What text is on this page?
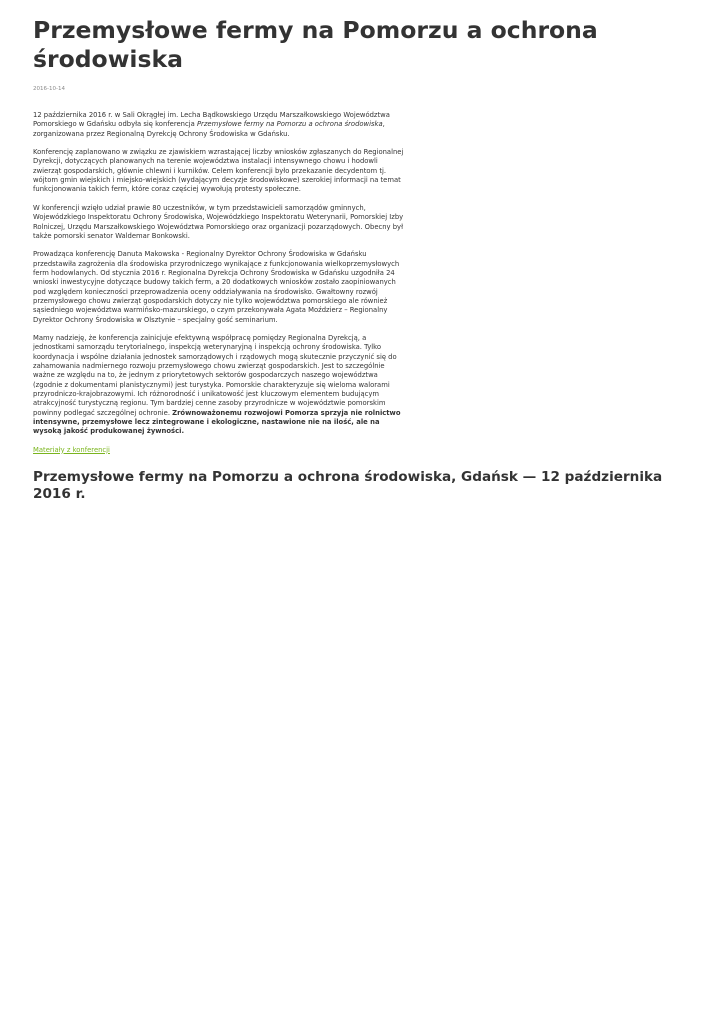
Przemysłowe fermy na Pomorzu a ochrona środowiska
2016-10-14

12 października 2016 r. w Sali Okrągłej im. Lecha Bądkowskiego Urzędu Marszałkowskiego Województwa Pomorskiego w Gdańsku odbyła się konferencja Przemysłowe fermy na Pomorzu a ochrona środowiska, zorganizowana przez Regionalną Dyrekcję Ochrony Środowiska w Gdańsku.

Konferencję zaplanowano w związku ze zjawiskiem wzrastającej liczby wniosków zgłaszanych do Regionalnej Dyrekcji, dotyczących planowanych na terenie województwa instalacji intensywnego chowu i hodowli zwierząt gospodarskich, głównie chlewni i kurników. Celem konferencji było przekazanie decydentom tj. wójtom gmin wiejskich i miejsko-wiejskich (wydającym decyzje środowiskowe) szerokiej informacji na temat funkcjonowania takich ferm, które coraz częściej wywołują protesty społeczne.

W konferencji wzięło udział prawie 80 uczestników, w tym przedstawicieli samorządów gminnych, Wojewódzkiego Inspektoratu Ochrony Środowiska, Wojewódzkiego Inspektoratu Weterynarii, Pomorskiej Izby Rolniczej, Urzędu Marszałkowskiego Województwa Pomorskiego oraz organizacji pozarządowych. Obecny był także pomorski senator Waldemar Bonkowski.

Prowadząca konferencję Danuta Makowska - Regionalny Dyrektor Ochrony Środowiska w Gdańsku przedstawiła zagrożenia dla środowiska przyrodniczego wynikające z funkcjonowania wielkoprzemysłowych ferm hodowlanych. Od stycznia 2016 r. Regionalna Dyrekcja Ochrony Środowiska w Gdańsku uzgodniła 24 wnioski inwestycyjne dotyczące budowy takich ferm, a 20 dodatkowych wniosków zostało zaopiniowanych pod względem konieczności przeprowadzenia oceny oddziaływania na środowisko. Gwałtowny rozwój przemysłowego chowu zwierząt gospodarskich dotyczy nie tylko województwa pomorskiego ale również sąsiedniego województwa warmińsko-mazurskiego, o czym przekonywała Agata Moździerz – Regionalny Dyrektor Ochrony Środowiska w Olsztynie – specjalny gość seminarium.

Mamy nadzieję, że konferencja zainicjuje efektywną współpracę pomiędzy Regionalna Dyrekcją, a jednostkami samorządu terytorialnego, inspekcją weterynaryjną i inspekcją ochrony środowiska. Tylko koordynacja i wspólne działania jednostek samorządowych i rządowych mogą skutecznie przyczynić się do zahamowania nadmiernego rozwoju przemysłowego chowu zwierząt gospodarskich. Jest to szczególnie ważne ze względu na to, że jednym z priorytetowych sektorów gospodarczych naszego województwa (zgodnie z dokumentami planistycznymi) jest turystyka. Pomorskie charakteryzuje się wieloma walorami przyrodniczo-krajobrazowymi. Ich różnorodność i unikatowość jest kluczowym elementem budującym atrakcyjność turystyczną regionu. Tym bardziej cenne zasoby przyrodnicze w województwie pomorskim powinny podlegać szczególnej ochronie. Zrównoważonemu rozwojowi Pomorza sprzyja nie rolnictwo intensywne, przemysłowe lecz zintegrowane i ekologiczne, nastawione nie na ilość, ale na wysoką jakość produkowanej żywności.

Materiały z konferencji
Przemysłowe fermy na Pomorzu a ochrona środowiska, Gdańsk — 12 października 2016 r.
